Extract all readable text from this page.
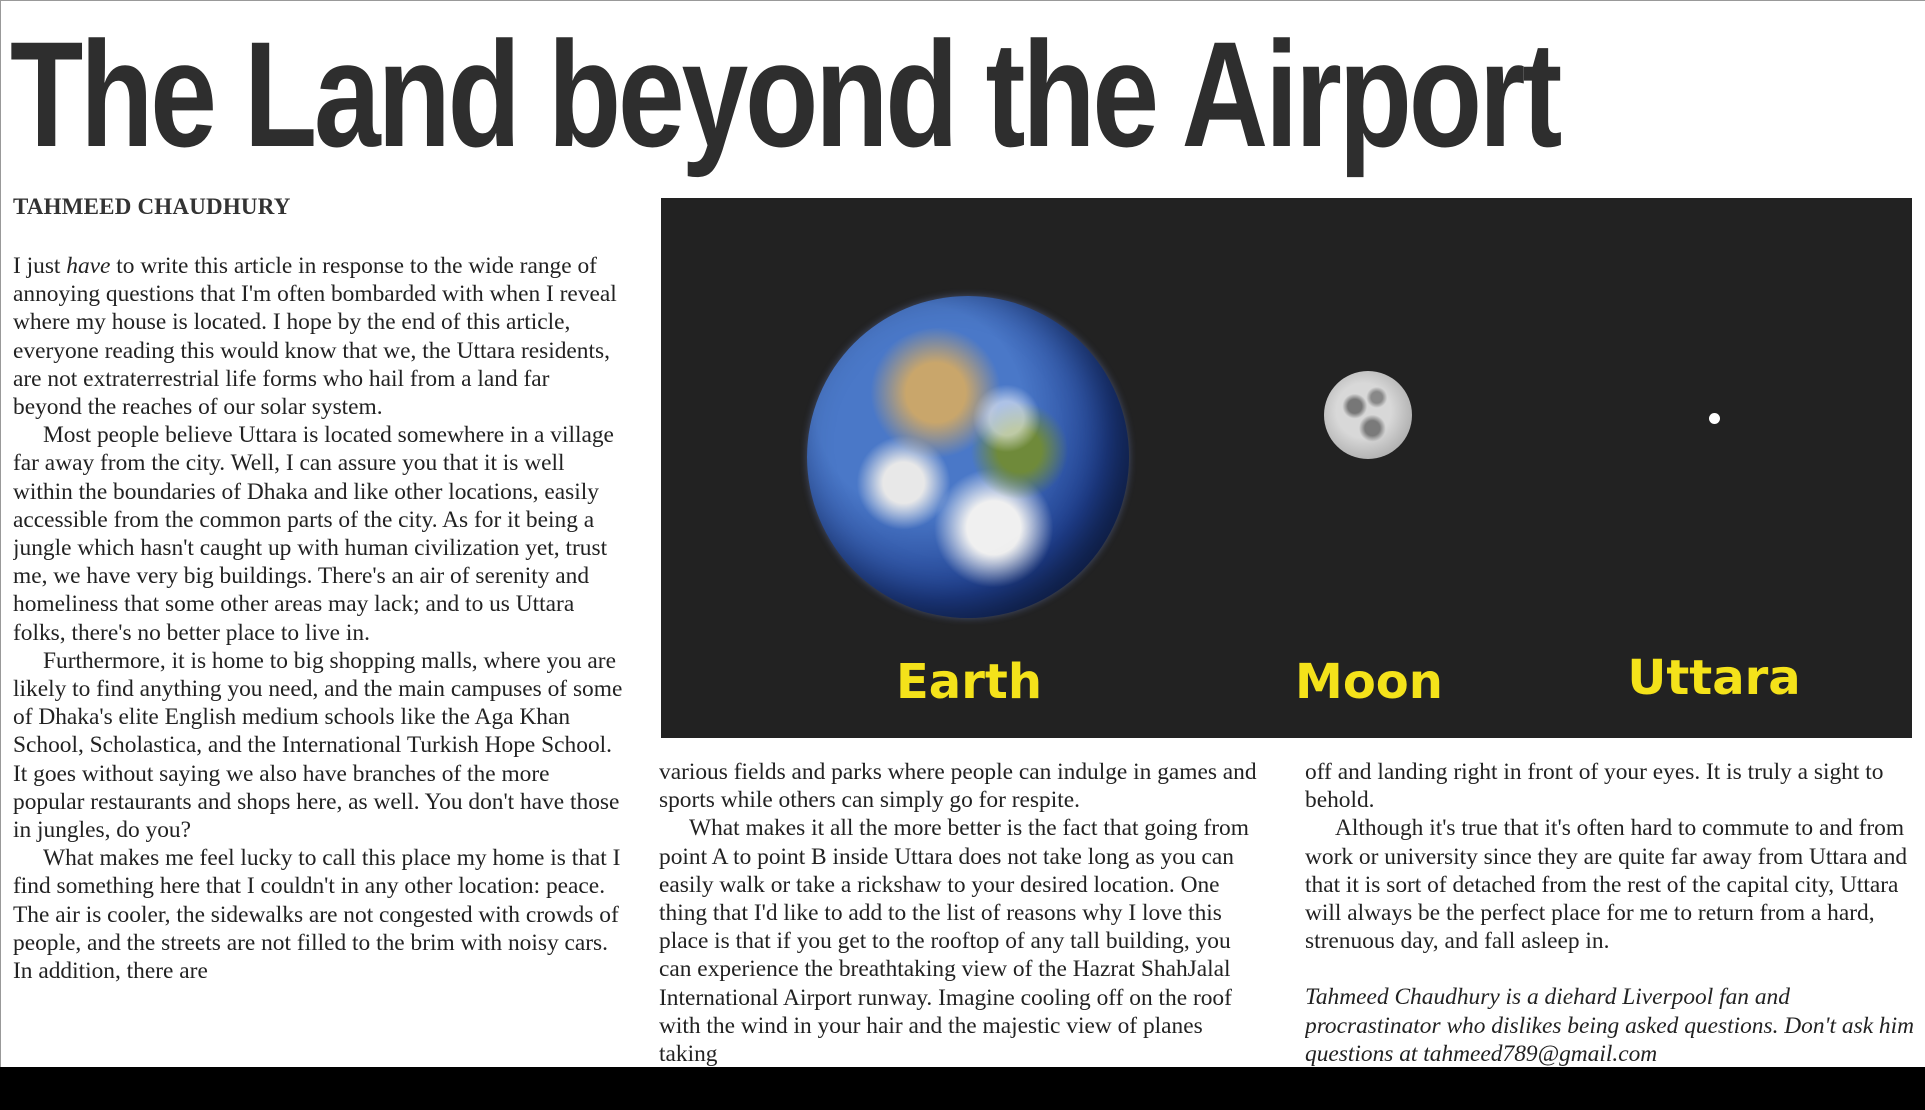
The Land beyond the Airport
TAHMEED CHAUDHURY

I just have to write this article in response to the wide range of annoying questions that I'm often bombarded with when I reveal where my house is located. I hope by the end of this article, everyone reading this would know that we, the Uttara residents, are not extraterrestrial life forms who hail from a land far beyond the reaches of our solar system.

Most people believe Uttara is located somewhere in a village far away from the city. Well, I can assure you that it is well within the boundaries of Dhaka and like other locations, easily accessible from the common parts of the city. As for it being a jungle which hasn't caught up with human civilization yet, trust me, we have very big buildings. There's an air of serenity and homeliness that some other areas may lack; and to us Uttara folks, there's no better place to live in.

Furthermore, it is home to big shopping malls, where you are likely to find anything you need, and the main campuses of some of Dhaka's elite English medium schools like the Aga Khan School, Scholastica, and the International Turkish Hope School. It goes without saying we also have branches of the more popular restaurants and shops here, as well. You don't have those in jungles, do you?

What makes me feel lucky to call this place my home is that I find something here that I couldn't in any other location: peace. The air is cooler, the sidewalks are not congested with crowds of people, and the streets are not filled to the brim with noisy cars. In addition, there are

Earth	Moon	Uttara

various fields and parks where people can indulge in games and sports while others can simply go for respite.

What makes it all the more better is the fact that going from point A to point B inside Uttara does not take long as you can easily walk or take a rickshaw to your desired location. One thing that I'd like to add to the list of reasons why I love this place is that if you get to the rooftop of any tall building, you can experience the breathtaking view of the Hazrat ShahJalal International Airport runway. Imagine cooling off on the roof with the wind in your hair and the majestic view of planes taking

off and landing right in front of your eyes. It is truly a sight to behold.

Although it's true that it's often hard to commute to and from work or university since they are quite far away from Uttara and that it is sort of detached from the rest of the capital city, Uttara will always be the perfect place for me to return from a hard, strenuous day, and fall asleep in.

Tahmeed Chaudhury is a diehard Liverpool fan and procrastinator who dislikes being asked questions. Don't ask him questions at tahmeed789@gmail.com
